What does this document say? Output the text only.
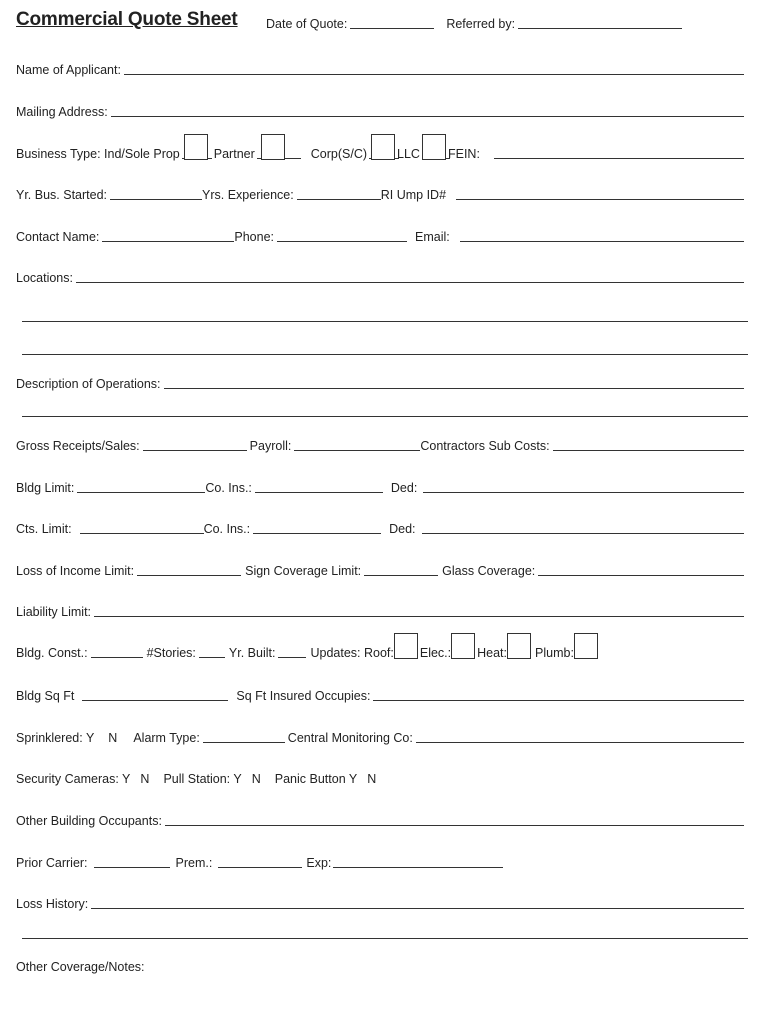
Commercial Quote Sheet Date of Quote:	Referred by:
Name of Applicant:
Mailing Address:
Business Type: Ind/Sole Prop	Partner	Corp(S/C) LLC FEIN:
Yr. Bus. Started:	Yrs. Experience:	RI Ump ID#
Contact Name:	Phone:	Email:
Locations:
Description of Operations:
Gross Receipts/Sales:	Payroll:	Contractors Sub Costs:
Bldg Limit:	Co. Ins.:	Ded:
Cts. Limit:	Co. Ins.:	Ded:
Loss of Income Limit:	Sign Coverage Limit:	Glass Coverage:
Liability Limit:
Bldg. Const.:	#Stories:	Yr. Built:	Updates: Roof: Elec.: Heat: Plumb:
Bldg Sq Ft	Sq Ft Insured Occupies:
Sprinklered: Y N Alarm Type:	Central Monitoring Co:
Security Cameras: Y N Pull Station: Y N Panic Button Y N
Other Building Occupants:
Prior Carrier:	Prem.:	Exp:
Loss History:
Other Coverage/Notes:
